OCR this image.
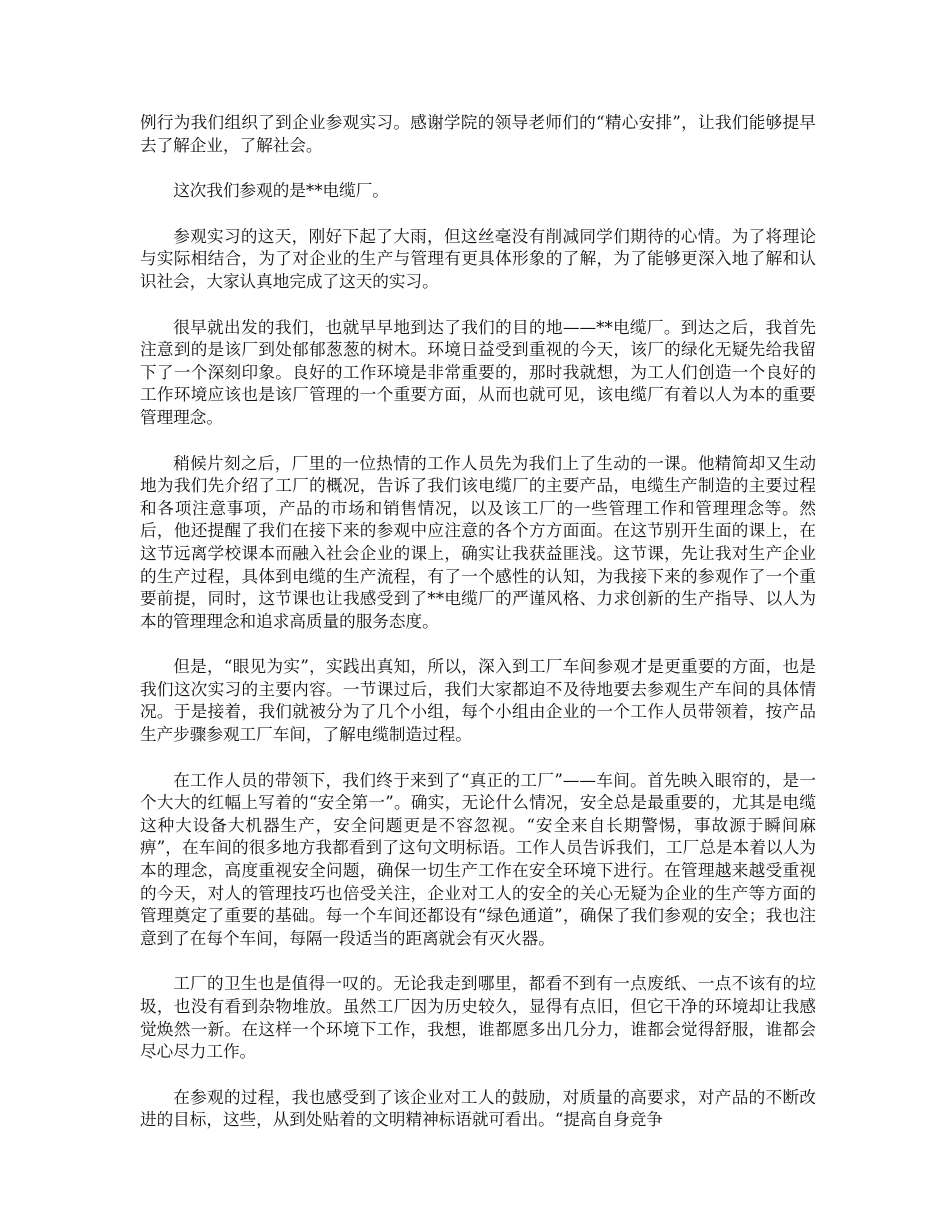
例行为我们组织了到企业参观实习。感谢学院的领导老师们的“精心安排”，让我们能够提早去了解企业，了解社会。

这次我们参观的是**电缆厂。

参观实习的这天，刚好下起了大雨，但这丝毫没有削减同学们期待的心情。为了将理论与实际相结合，为了对企业的生产与管理有更具体形象的了解，为了能够更深入地了解和认识社会，大家认真地完成了这天的实习。

很早就出发的我们，也就早早地到达了我们的目的地——**电缆厂。到达之后，我首先注意到的是该厂到处郁郁葱葱的树木。环境日益受到重视的今天，该厂的绿化无疑先给我留下了一个深刻印象。良好的工作环境是非常重要的，那时我就想，为工人们创造一个良好的工作环境应该也是该厂管理的一个重要方面，从而也就可见，该电缆厂有着以人为本的重要管理理念。

稍候片刻之后，厂里的一位热情的工作人员先为我们上了生动的一课。他精简却又生动地为我们先介绍了工厂的概况，告诉了我们该电缆厂的主要产品，电缆生产制造的主要过程和各项注意事项，产品的市场和销售情况，以及该工厂的一些管理工作和管理理念等。然后，他还提醒了我们在接下来的参观中应注意的各个方方面面。在这节别开生面的课上，在这节远离学校课本而融入社会企业的课上，确实让我获益匪浅。这节课，先让我对生产企业的生产过程，具体到电缆的生产流程，有了一个感性的认知，为我接下来的参观作了一个重要前提，同时，这节课也让我感受到了**电缆厂的严谨风格、力求创新的生产指导、以人为本的管理理念和追求高质量的服务态度。

但是，“眼见为实”，实践出真知，所以，深入到工厂车间参观才是更重要的方面，也是我们这次实习的主要内容。一节课过后，我们大家都迫不及待地要去参观生产车间的具体情况。于是接着，我们就被分为了几个小组，每个小组由企业的一个工作人员带领着，按产品生产步骤参观工厂车间，了解电缆制造过程。

在工作人员的带领下，我们终于来到了“真正的工厂”——车间。首先映入眼帘的，是一个大大的红幅上写着的“安全第一”。确实，无论什么情况，安全总是最重要的，尤其是电缆这种大设备大机器生产，安全问题更是不容忽视。“安全来自长期警惕，事故源于瞬间麻痹”，在车间的很多地方我都看到了这句文明标语。工作人员告诉我们，工厂总是本着以人为本的理念，高度重视安全问题，确保一切生产工作在安全环境下进行。在管理越来越受重视的今天，对人的管理技巧也倍受关注，企业对工人的安全的关心无疑为企业的生产等方面的管理奠定了重要的基础。每一个车间还都设有“绿色通道”，确保了我们参观的安全；我也注意到了在每个车间，每隔一段适当的距离就会有灭火器。

工厂的卫生也是值得一叹的。无论我走到哪里，都看不到有一点废纸、一点不该有的垃圾，也没有看到杂物堆放。虽然工厂因为历史较久，显得有点旧，但它干净的环境却让我感觉焕然一新。在这样一个环境下工作，我想，谁都愿多出几分力，谁都会觉得舒服，谁都会尽心尽力工作。

在参观的过程，我也感受到了该企业对工人的鼓励，对质量的高要求，对产品的不断改进的目标，这些，从到处贴着的文明精神标语就可看出。“提高自身竞争
